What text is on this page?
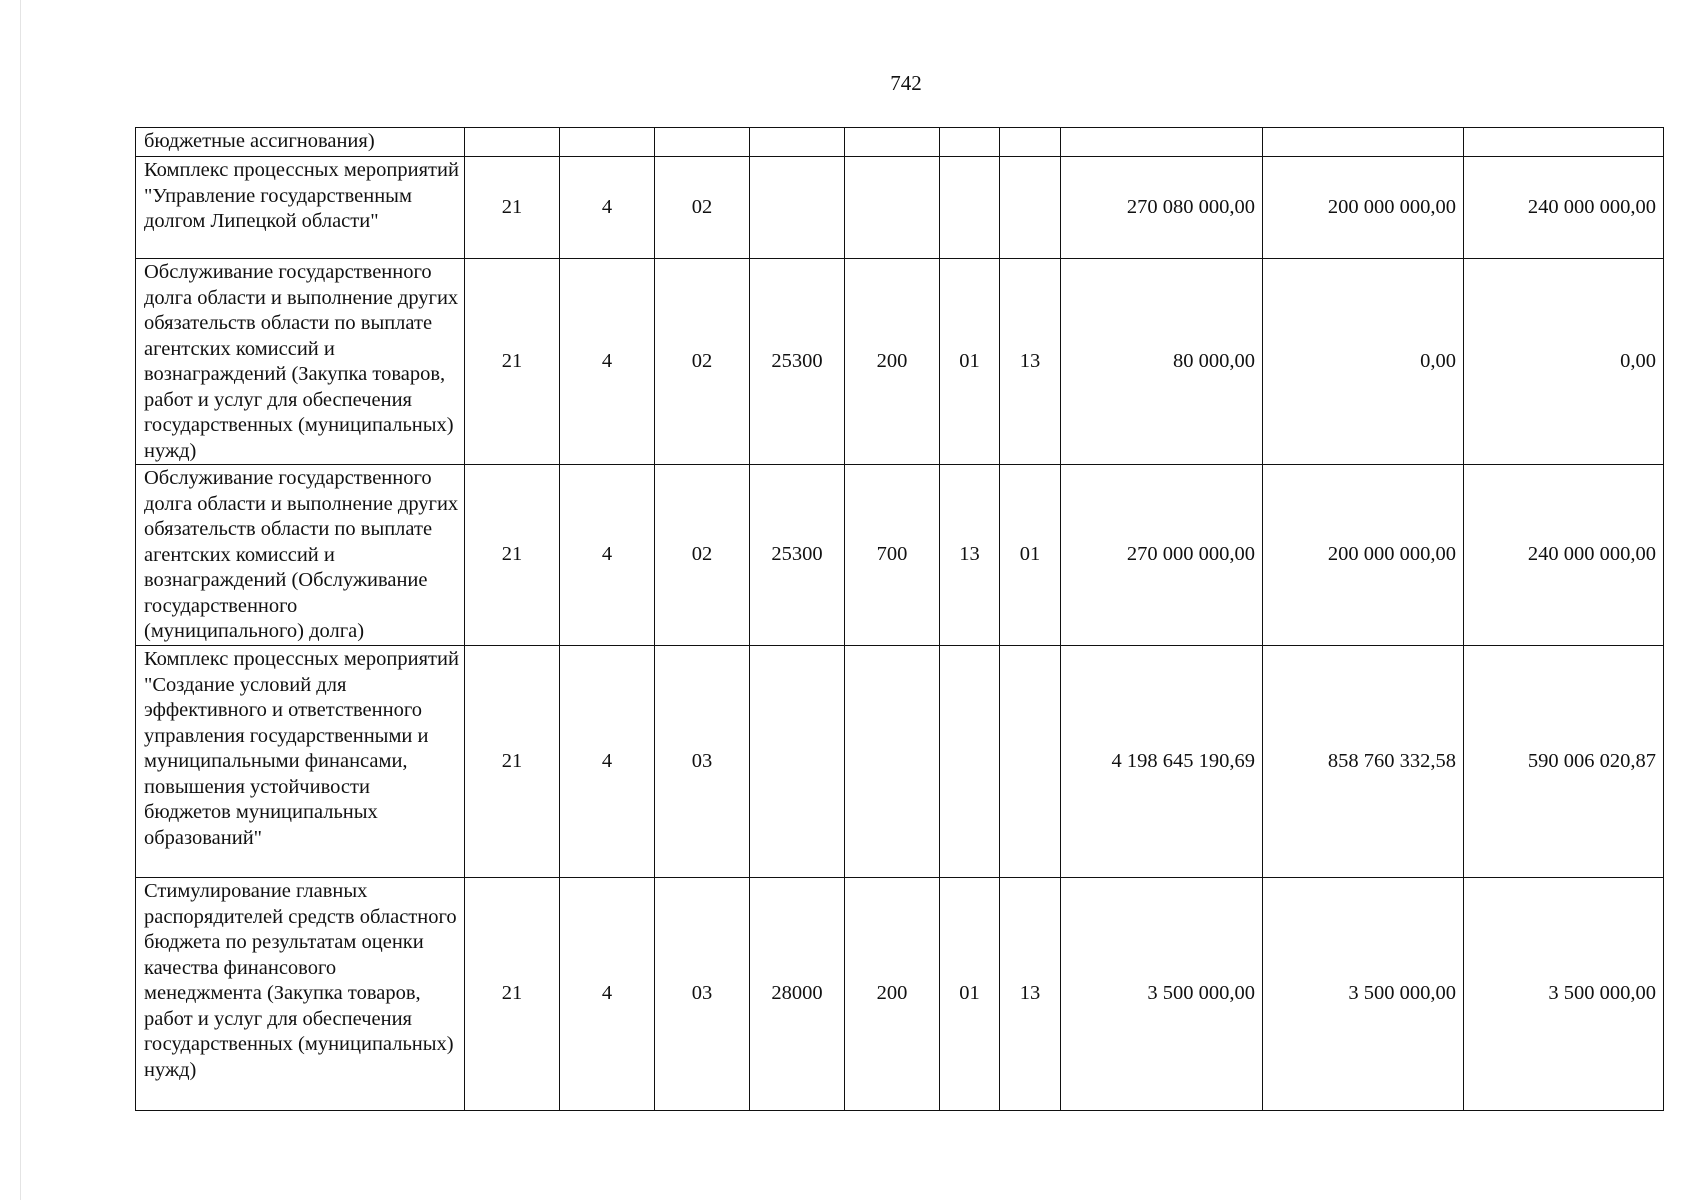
742
бюджетные ассигнования)										
Комплекс процессных мероприятий "Управление государственным долгом Липецкой области"	21	4	02					270 080 000,00	200 000 000,00	240 000 000,00
Обслуживание государственного долга области и выполнение других обязательств области по выплате агентских комиссий и вознаграждений (Закупка товаров, работ и услуг для обеспечения государственных (муниципальных) нужд)	21	4	02	25300	200	01	13	80 000,00	0,00	0,00
Обслуживание государственного долга области и выполнение других обязательств области по выплате агентских комиссий и вознаграждений (Обслуживание государственного (муниципального) долга)	21	4	02	25300	700	13	01	270 000 000,00	200 000 000,00	240 000 000,00
Комплекс процессных мероприятий "Создание условий для эффективного и ответственного управления государственными и муниципальными финансами, повышения устойчивости бюджетов муниципальных образований"	21	4	03					4 198 645 190,69	858 760 332,58	590 006 020,87
Стимулирование главных распорядителей средств областного бюджета по результатам оценки качества финансового менеджмента (Закупка товаров, работ и услуг для обеспечения государственных (муниципальных) нужд)	21	4	03	28000	200	01	13	3 500 000,00	3 500 000,00	3 500 000,00
